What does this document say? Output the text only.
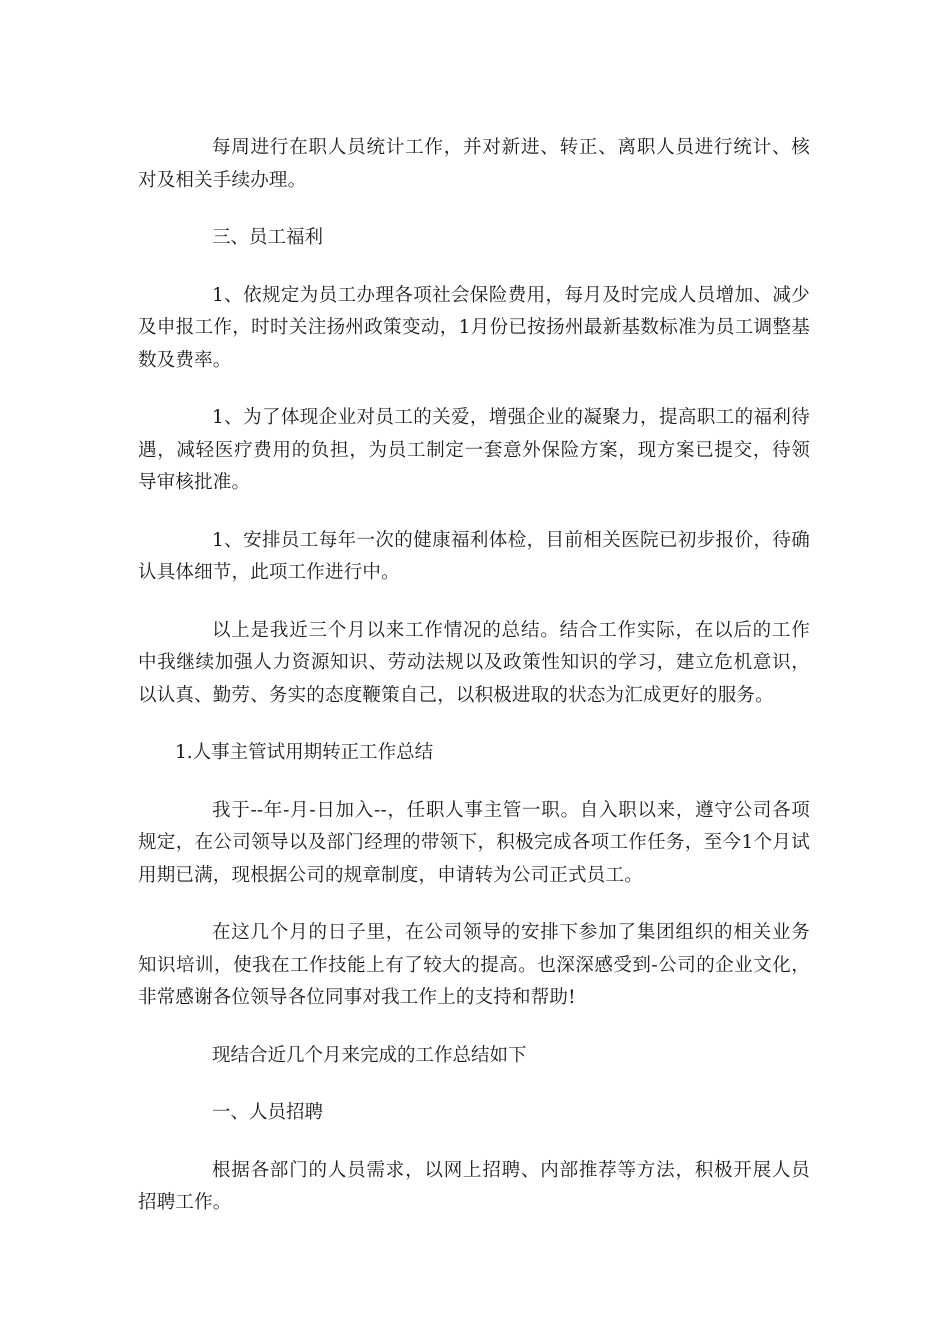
每周进行在职人员统计工作，并对新进、转正、离职人员进行统计、核对及相关手续办理。

三、员工福利

1、依规定为员工办理各项社会保险费用，每月及时完成人员增加、减少及申报工作，时时关注扬州政策变动，1月份已按扬州最新基数标准为员工调整基数及费率。

1、为了体现企业对员工的关爱，增强企业的凝聚力，提高职工的福利待遇，减轻医疗费用的负担，为员工制定一套意外保险方案，现方案已提交，待领导审核批准。

1、安排员工每年一次的健康福利体检，目前相关医院已初步报价，待确认具体细节，此项工作进行中。

以上是我近三个月以来工作情况的总结。结合工作实际，在以后的工作中我继续加强人力资源知识、劳动法规以及政策性知识的学习，建立危机意识，以认真、勤劳、务实的态度鞭策自己，以积极进取的状态为汇成更好的服务。

1.人事主管试用期转正工作总结

我于--年-月-日加入--，任职人事主管一职。自入职以来，遵守公司各项规定，在公司领导以及部门经理的带领下，积极完成各项工作任务，至今1个月试用期已满，现根据公司的规章制度，申请转为公司正式员工。

在这几个月的日子里，在公司领导的安排下参加了集团组织的相关业务知识培训，使我在工作技能上有了较大的提高。也深深感受到-公司的企业文化，非常感谢各位领导各位同事对我工作上的支持和帮助!

现结合近几个月来完成的工作总结如下

一、人员招聘

根据各部门的人员需求，以网上招聘、内部推荐等方法，积极开展人员招聘工作。
